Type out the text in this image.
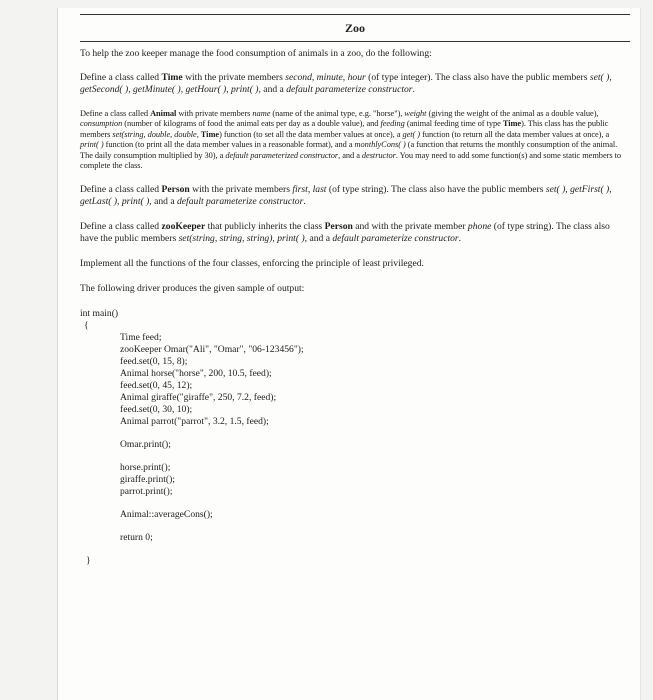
Zoo

To help the zoo keeper manage the food consumption of animals in a zoo, do the following:

Define a class called Time with the private members second, minute, hour (of type integer). The class also have the public members set( ), getSecond( ), getMinute( ), getHour( ), print( ), and a default parameterize constructor.

Define a class called Animal with private members name (name of the animal type, e.g. "horse"), weight (giving the weight of the animal as a double value), consumption (number of kilograms of food the animal eats per day as a double value), and feeding (animal feeding time of type Time). This class has the public members set(string, double, double, Time) function (to set all the data member values at once), a get( ) function (to return all the data member values at once), a print( ) function (to print all the data member values in a reasonable format), and a monthlyCons( ) (a function that returns the monthly consumption of the animal. The daily consumption multiplied by 30), a default parameterized constructor, and a destructor. You may need to add some function(s) and some static members to complete the class.

Define a class called Person with the private members first, last (of type string). The class also have the public members set( ), getFirst( ), getLast( ), print( ), and a default parameterize constructor.

Define a class called zooKeeper that publicly inherits the class Person and with the private member phone (of type string). The class also have the public members set(string, string, string), print( ), and a default parameterize constructor.

Implement all the functions of the four classes, enforcing the principle of least privileged.

The following driver produces the given sample of output:

int main()
{
Time feed;
zooKeeper Omar("Ali", "Omar", "06-123456");
feed.set(0, 15, 8);
Animal horse("horse", 200, 10.5, feed);
feed.set(0, 45, 12);
Animal giraffe("giraffe", 250, 7.2, feed);
feed.set(0, 30, 10);
Animal parrot("parrot", 3.2, 1.5, feed);
Omar.print();
horse.print();
giraffe.print();
parrot.print();
Animal::averageCons();
return 0;
}
